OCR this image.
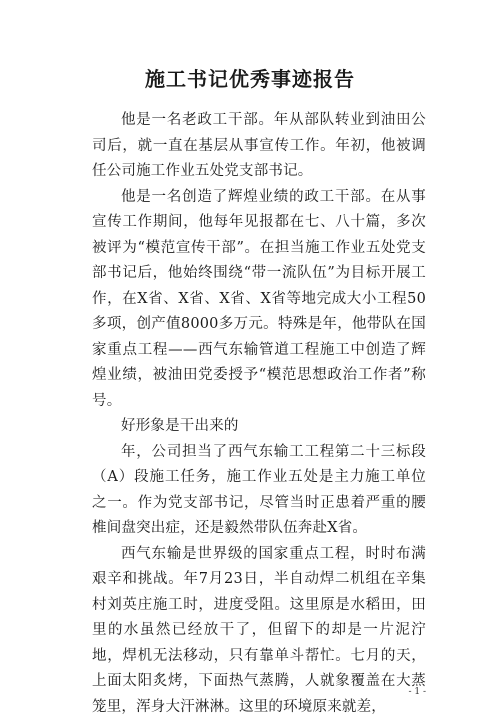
施工书记优秀事迹报告

他是一名老政工干部。年从部队转业到油田公司后，就一直在基层从事宣传工作。年初，他被调任公司施工作业五处党支部书记。

他是一名创造了辉煌业绩的政工干部。在从事宣传工作期间，他每年见报都在七、八十篇，多次被评为“模范宣传干部”。在担当施工作业五处党支部书记后，他始终围绕“带一流队伍”为目标开展工作，在X省、X省、X省、X省等地完成大小工程50多项，创产值8000多万元。特殊是年，他带队在国家重点工程——西气东输管道工程施工中创造了辉煌业绩，被油田党委授予“模范思想政治工作者”称号。

好形象是干出来的

年，公司担当了西气东输工工程第二十三标段（A）段施工任务，施工作业五处是主力施工单位之一。作为党支部书记，尽管当时正患着严重的腰椎间盘突出症，还是毅然带队伍奔赴X省。

西气东输是世界级的国家重点工程，时时布满艰辛和挑战。年7月23日，半自动焊二机组在辛集村刘英庄施工时，进度受阻。这里原是水稻田，田里的水虽然已经放干了，但留下的却是一片泥泞地，焊机无法移动，只有靠单斗帮忙。七月的天，上面太阳炙烤，下面热气蒸腾，人就象覆盖在大蒸笼里，浑身大汗淋淋。这里的环境原来就差，

- 1 -
